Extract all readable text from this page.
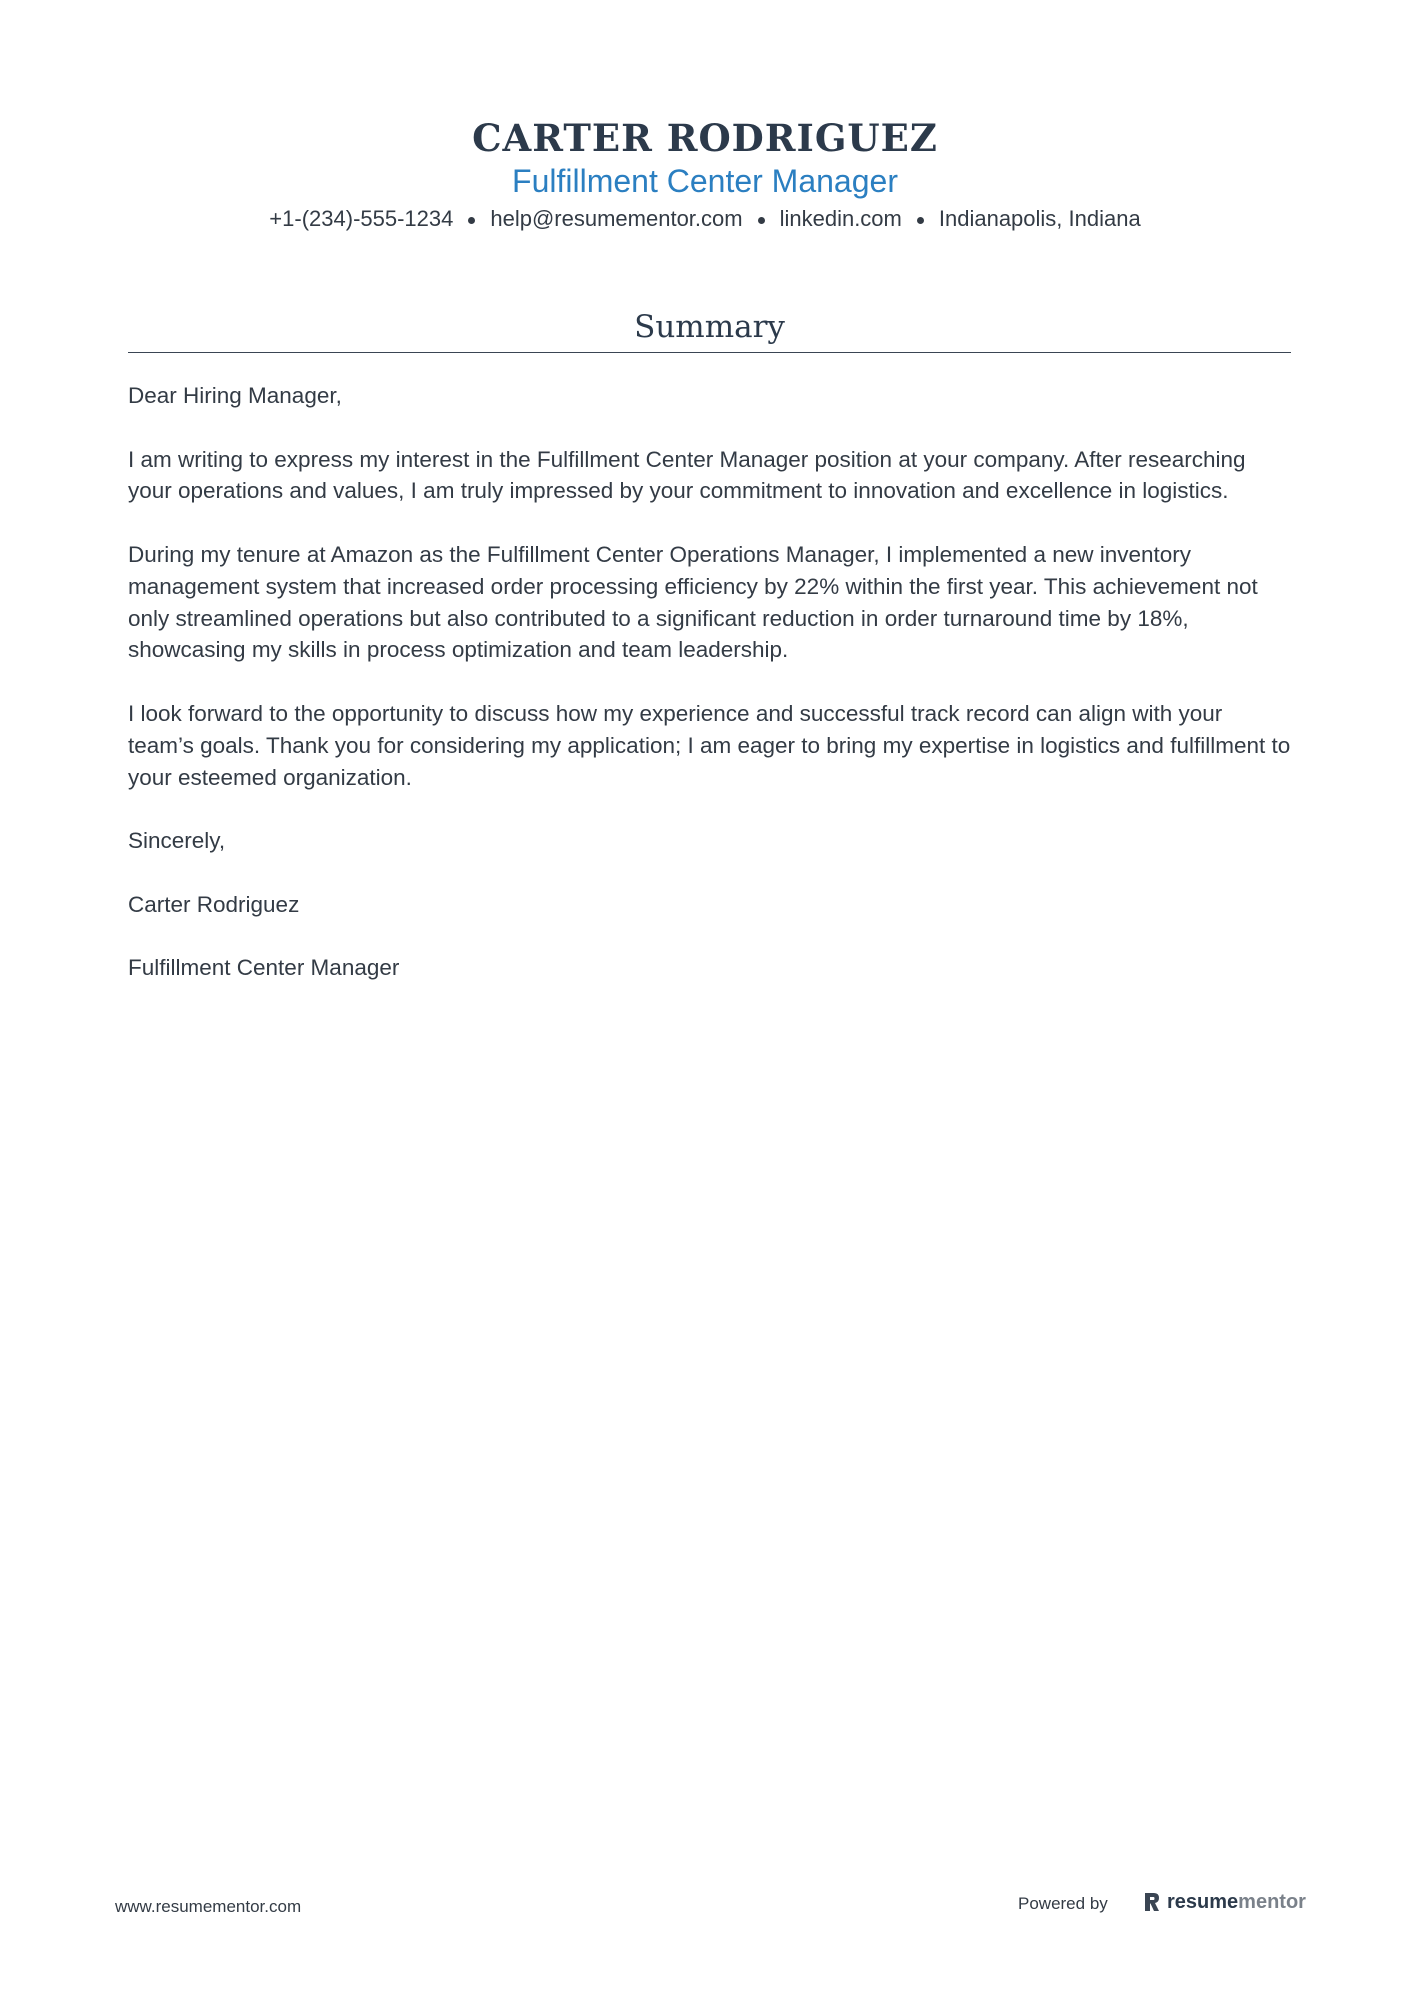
CARTER RODRIGUEZ
Fulfillment Center Manager
+1-(234)-555-1234 help@resumementor.com linkedin.com Indianapolis, Indiana
Summary

Dear Hiring Manager,

I am writing to express my interest in the Fulfillment Center Manager position at your company. After researching your operations and values, I am truly impressed by your commitment to innovation and excellence in logistics.

During my tenure at Amazon as the Fulfillment Center Operations Manager, I implemented a new inventory management system that increased order processing efficiency by 22% within the first year. This achievement not only streamlined operations but also contributed to a significant reduction in order turnaround time by 18%, showcasing my skills in process optimization and team leadership.

I look forward to the opportunity to discuss how my experience and successful track record can align with your team’s goals. Thank you for considering my application; I am eager to bring my expertise in logistics and fulfillment to your esteemed organization.

Sincerely,

Carter Rodriguez

Fulfillment Center Manager

www.resumementor.com	Powered by	resumementor
